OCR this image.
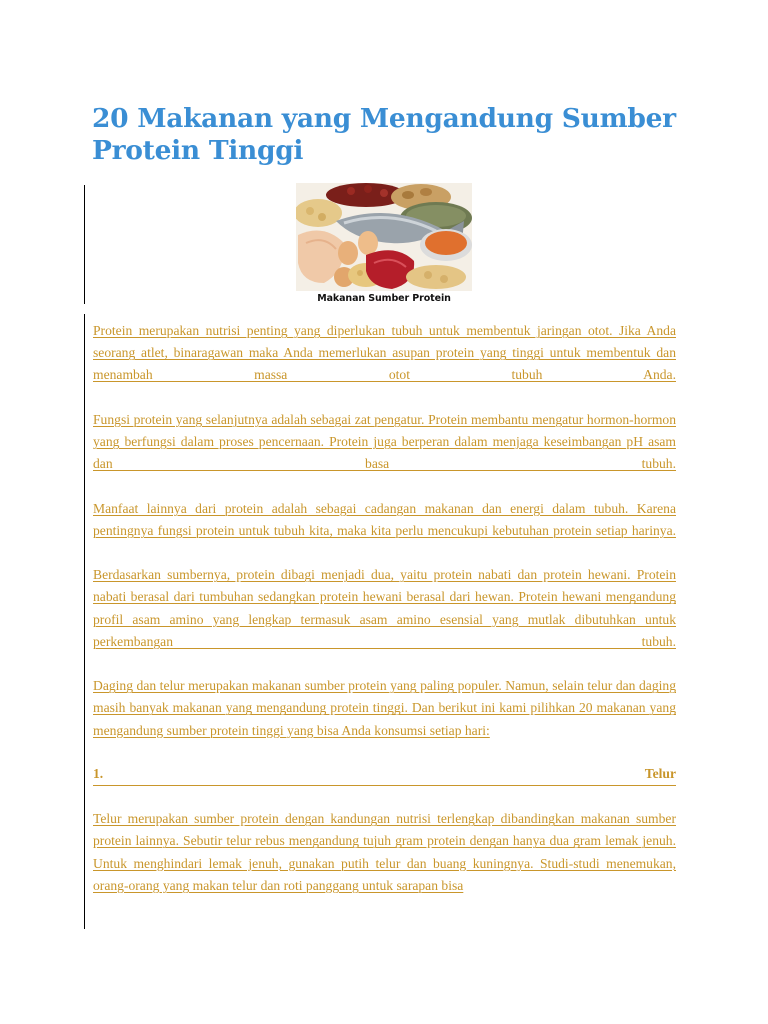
20 Makanan yang Mengandung Sumber Protein Tinggi
Makanan Sumber Protein

Protein merupakan nutrisi penting yang diperlukan tubuh untuk membentuk jaringan otot. Jika Anda seorang atlet, binaragawan maka Anda memerlukan asupan protein yang tinggi untuk membentuk dan menambah massa otot tubuh Anda.

Fungsi protein yang selanjutnya adalah sebagai zat pengatur. Protein membantu mengatur hormon-hormon yang berfungsi dalam proses pencernaan. Protein juga berperan dalam menjaga keseimbangan pH asam dan basa tubuh.

Manfaat lainnya dari protein adalah sebagai cadangan makanan dan energi dalam tubuh. Karena pentingnya fungsi protein untuk tubuh kita, maka kita perlu mencukupi kebutuhan protein setiap harinya.

Berdasarkan sumbernya, protein dibagi menjadi dua, yaitu protein nabati dan protein hewani. Protein nabati berasal dari tumbuhan sedangkan protein hewani berasal dari hewan. Protein hewani mengandung profil asam amino yang lengkap termasuk asam amino esensial yang mutlak dibutuhkan untuk perkembangan tubuh.

Daging dan telur merupakan makanan sumber protein yang paling populer. Namun, selain telur dan daging masih banyak makanan yang mengandung protein tinggi. Dan berikut ini kami pilihkan 20 makanan yang mengandung sumber protein tinggi yang bisa Anda konsumsi setiap hari:

1.	Telur

Telur merupakan sumber protein dengan kandungan nutrisi terlengkap dibandingkan makanan sumber protein lainnya. Sebutir telur rebus mengandung tujuh gram protein dengan hanya dua gram lemak jenuh. Untuk menghindari lemak jenuh, gunakan putih telur dan buang kuningnya. Studi-studi menemukan, orang-orang yang makan telur dan roti panggang untuk sarapan bisa
